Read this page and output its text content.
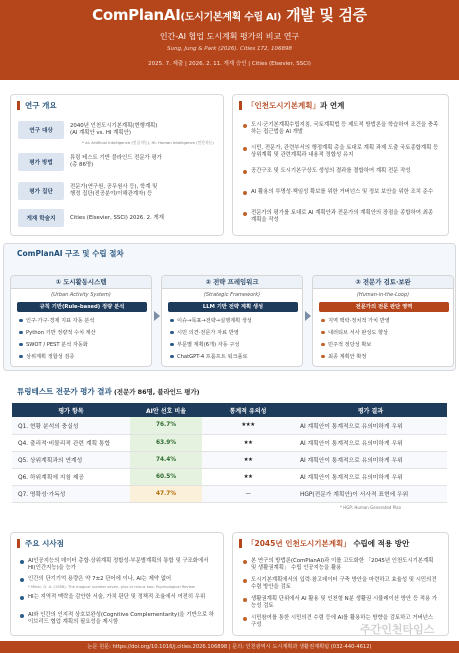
ComPlanAI(도시기본계획 수립 AI) 개발 및 검증
인간-AI 협업 도시계획 평가의 비교 연구
Sung, Jung & Park (2026). Cities 172, 106898
2025. 7. 제출 | 2026. 2. 11. 게재 승인 | Cities (Elsevier, SSCI)
연구 개요
연구 대상
2040년 인천도시기본계획(현행계획)
(AI 계획안 vs. HI 계획안)
* AI: Artificial Intelligence (인공지능), HI: Human Intelligence (인간지능)
평가 방법
튜링 테스트 기반 블라인드 전문가 평가
(총 86명)
평가 집단
전문가(연구원, 공무원사 등), 학계 및
행정 집단(전공분야/이해관계자) 등
게재 학술지	Cities (Elsevier, SSCI) 2026. 2. 게재
「인천도시기본계획」과 연계
도시·군기본계획수립지침, 국토계획법 등 제도적 방법론을 학습하여 조건을 충족하는 접근법을 AI 개발
시민, 전문가, 관련부서의 행정계획 총을 토대로 계획 과제 도출 국토종합계획 등 상위계획 및 관련계획과 내용적 정합성 유지
공간구조 및 도시기본구상도 생성의 결과를 결합하여 계획 전문 작성
AI 활용의 투명성·책임성 확보를 위한 거버넌스 및 정보 보안을 위한 조치 준수
전문가의 평가를 토대로 AI 계획안과 전문가의 계획안의 장점을 종합하여 최종 계획을 작성
ComPlanAI 구조 및 수립 절차
① 도시활동시스템
(Urban Activity System)
규칙 기반(Rule-based) 정량 분석
인구·가구·경제 지표 자동 분석
Python 기반 정량적 수치 계산
SWOT / PEST 분석 자동화
상위계획 정합성 검증
② 전략 프레임워크
(Strategic Framework)
LLM 기반 전략 계획 생성
이슈→목표→전략→실행계획 생성
시민 의견·전문가 자료 반영
부문별 계획(6개) 자동 구성
ChatGPT-4 프롬프트 워크플로
③ 전문가 검토·보완
(Human-in-the-Loop)
전문가의 전문 판단 영역
지역 맥락·정치적 가치 반영
내러티브 서사 완성도 향상
민주적 정당성 확보
최종 계획안 확정
튜링테스트 전문가 평가 결과 (전문가 86명, 블라인드 평가)
평가 항목	AI안 선호 비율	통계적 유의성	평가 결과
Q1. 현황 분석의 충실성	76.7%	★★★	AI 계획안이 통계적으로 유의미하게 우위
Q4. 출리적·비물리적 관련 계획 통합	63.9%	★★	AI 계획안이 통계적으로 유의미하게 우위
Q5. 상위계획과의 연계성	74.4%	★★	AI 계획안이 통계적으로 유의미하게 우위
Q6. 하위계획에 지침 제공	60.5%	★★	AI 계획안이 통계적으로 유의미하게 우위
Q7. 명확성·가독성	47.7%	—	HGP(전문가 계획안)이 서사적 표현에 우위
* HGP: Human Generated Plan
주요 시사점
AI인공지능의 데이터 총합·상위계획 정합성·부문별계획의 통합 및 구조화에서 HI(인간지능)을 능가
인간의 단기기억 용량은 약 7±2 단어에 이나, AI는 제약 없어
* Miller, G. A. (1956). The magical number seven, plus or minus two. Psychological Review
HI는 지역적 맥락을 감안한 서술, 가치 판단 및 정책적 조율에서 여전히 우위
AI와 인간의 인지적 상호보완성(Cognitive Complementarity)을 기반으로 하이브리드 협업 계획의 필요성을 제시함
「2045년 인천도시기본계획」 수립에 적용 방안
본 연구의 방법론(ComPlanAI)과 이를 고도화한 「2045년 인천도시기본계획 및 생활권계획」 수립 인공지능을 활용
도시기본계획에서의 입력·참고데이터 구축 방안을 마련하고 효율성 및 시민의견 수렴 방안을 검토
생활권계획 단위에서 AI 활용 및 인천형 N분 생활권 시뮬레이션 방안 등 적용 가능성 검토
시민참여를 통한 시민의견 수렴 등에 AI를 활용하는 방향을 검토하고 거버넌스 구성	주간인천타임스
논문 원문: https://doi.org/10.1016/j.cities.2026.106898 | 문의: 인천광역시 도시계획과 생활권계획팀 (032-440-4612)
